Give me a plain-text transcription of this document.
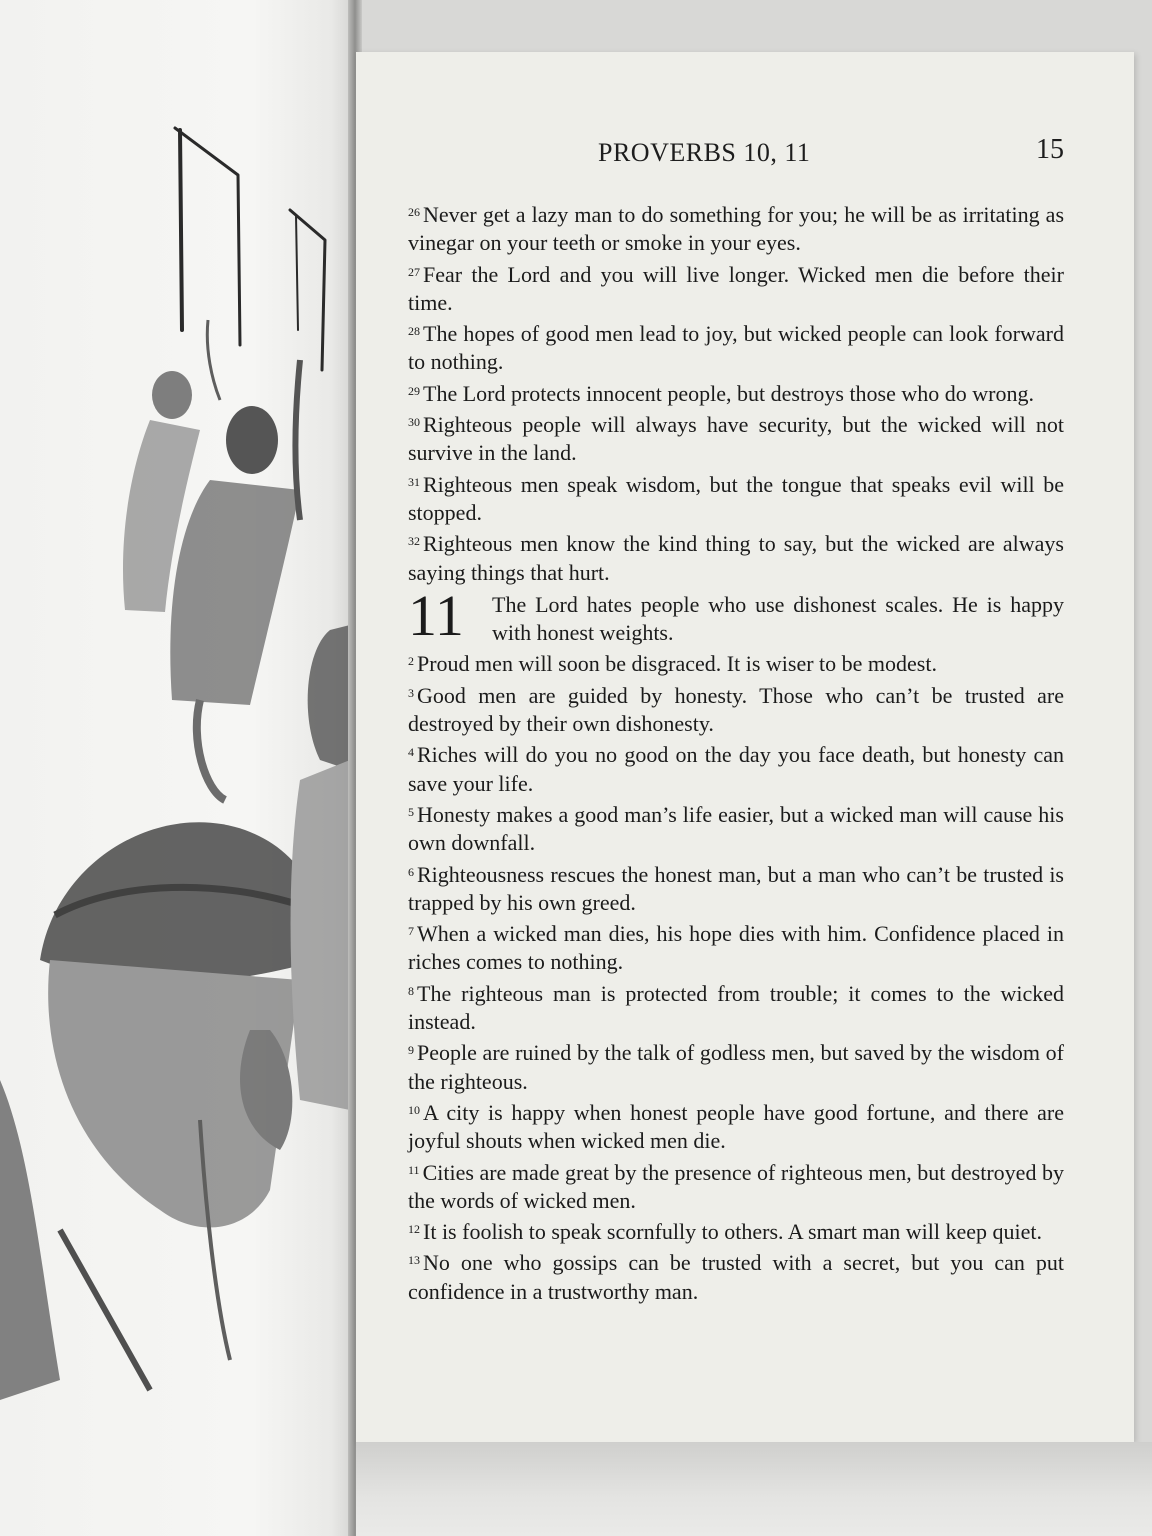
PROVERBS 10, 11	15

$^{26}$ Never get a lazy man to do something for you; he will be as irritating as vinegar on your teeth or smoke in your eyes.

$^{27}$ Fear the Lord and you will live longer. Wicked men die before their time.

$^{28}$ The hopes of good men lead to joy, but wicked people can look forward to nothing.

$^{29}$ The Lord protects innocent people, but destroys those who do wrong.

$^{30}$ Righteous people will always have security, but the wicked will not survive in the land.

$^{31}$ Righteous men speak wisdom, but the tongue that speaks evil will be stopped.

$^{32}$ Righteous men know the kind thing to say, but the wicked are always saying things that hurt.

11 The Lord hates people who use dishonest scales. He is happy with honest weights.

$^2$ Proud men will soon be disgraced. It is wiser to be modest.

$^3$ Good men are guided by honesty. Those who can’t be trusted are destroyed by their own dishonesty.

$^4$ Riches will do you no good on the day you face death, but honesty can save your life.

$^5$ Honesty makes a good man’s life easier, but a wicked man will cause his own downfall.

$^6$ Righteousness rescues the honest man, but a man who can’t be trusted is trapped by his own greed.

$^7$ When a wicked man dies, his hope dies with him. Confidence placed in riches comes to nothing.

$^8$ The righteous man is protected from trouble; it comes to the wicked instead.

$^9$ People are ruined by the talk of godless men, but saved by the wisdom of the righteous.

$^{10}$ A city is happy when honest people have good fortune, and there are joyful shouts when wicked men die.

$^{11}$ Cities are made great by the presence of righteous men, but destroyed by the words of wicked men.

$^{12}$ It is foolish to speak scornfully to others. A smart man will keep quiet.

$^{13}$ No one who gossips can be trusted with a secret, but you can put confidence in a trustworthy man.
